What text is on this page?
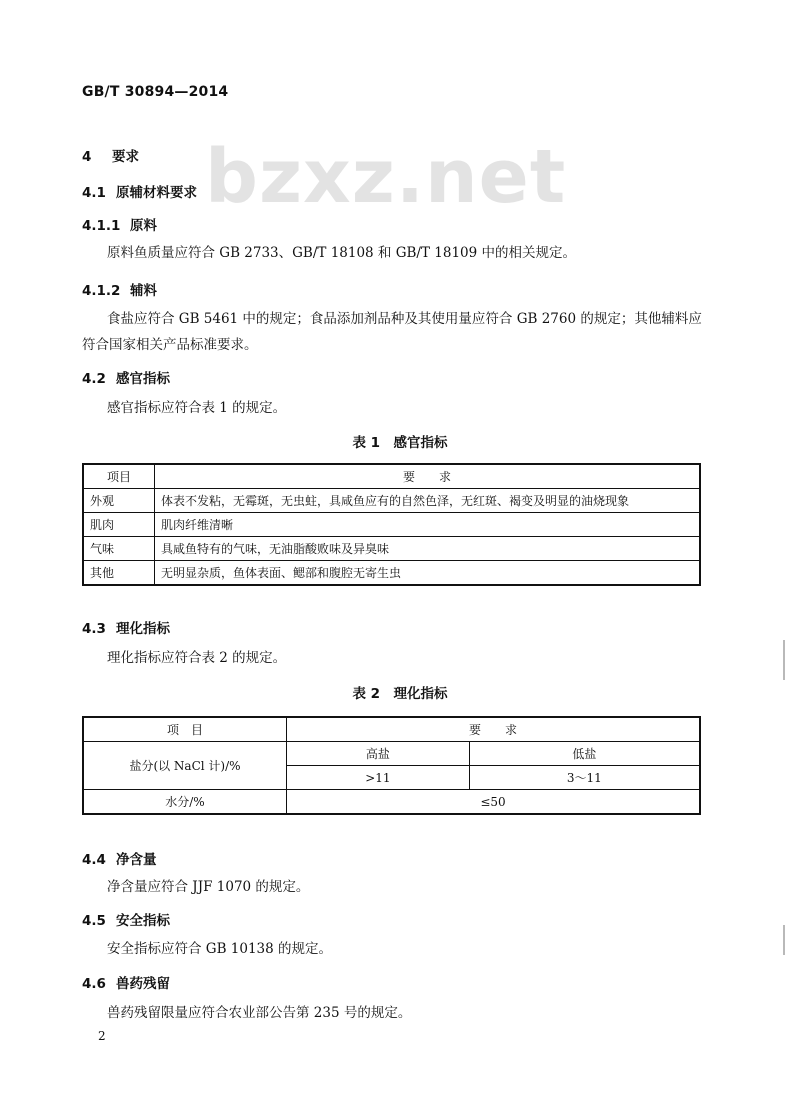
GB/T 30894—2014
bzxz.net
4 要求
4.1 原辅材料要求
4.1.1 原料
原料鱼质量应符合 GB 2733、GB/T 18108 和 GB/T 18109 中的相关规定。
4.1.2 辅料
食盐应符合 GB 5461 中的规定；食品添加剂品种及其使用量应符合 GB 2760 的规定；其他辅料应符合国家相关产品标准要求。
4.2 感官指标
感官指标应符合表 1 的规定。
表 1　感官指标
项目	要　　求
外观	体表不发粘，无霉斑，无虫蛀，具咸鱼应有的自然色泽，无红斑、褐变及明显的油烧现象
肌肉	肌肉纤维清晰
气味	具咸鱼特有的气味，无油脂酸败味及异臭味
其他	无明显杂质，鱼体表面、鳃部和腹腔无寄生虫
4.3 理化指标
理化指标应符合表 2 的规定。
表 2　理化指标
项　目	要　　求	
盐分(以 NaCl 计)/%	高盐	低盐
	>11	3～11
水分/%	≤50	
4.4 净含量
净含量应符合 JJF 1070 的规定。
4.5 安全指标
安全指标应符合 GB 10138 的规定。
4.6 兽药残留
兽药残留限量应符合农业部公告第 235 号的规定。
2
